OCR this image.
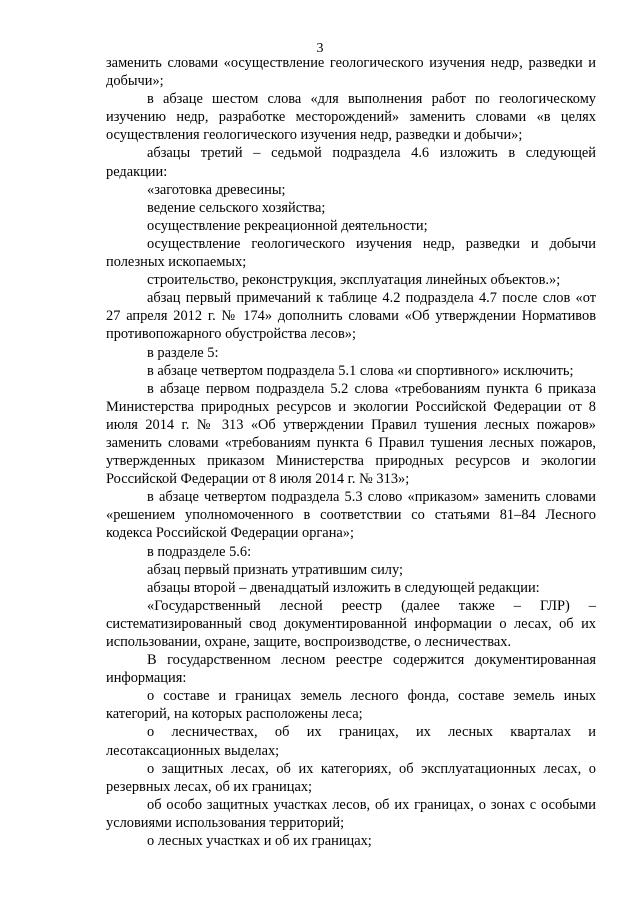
3

заменить словами «осуществление геологического изучения недр, разведки и добычи»;

в абзаце шестом слова «для выполнения работ по геологическому изучению недр, разработке месторождений» заменить словами «в целях осуществления геологического изучения недр, разведки и добычи»;

абзацы третий – седьмой подраздела 4.6 изложить в следующей редакции:

«заготовка древесины;

ведение сельского хозяйства;

осуществление рекреационной деятельности;

осуществление геологического изучения недр, разведки и добычи полезных ископаемых;

строительство, реконструкция, эксплуатация линейных объектов.»;

абзац первый примечаний к таблице 4.2 подраздела 4.7 после слов «от 27 апреля 2012 г. № 174» дополнить словами «Об утверждении Нормативов противопожарного обустройства лесов»;

в разделе 5:

в абзаце четвертом подраздела 5.1 слова «и спортивного» исключить;

в абзаце первом подраздела 5.2 слова «требованиям пункта 6 приказа Министерства природных ресурсов и экологии Российской Федерации от 8 июля 2014 г. № 313 «Об утверждении Правил тушения лесных пожаров» заменить словами «требованиям пункта 6 Правил тушения лесных пожаров, утвержденных приказом Министерства природных ресурсов и экологии Российской Федерации от 8 июля 2014 г. № 313»;

в абзаце четвертом подраздела 5.3 слово «приказом» заменить словами «решением уполномоченного в соответствии со статьями 81–84 Лесного кодекса Российской Федерации органа»;

в подразделе 5.6:

абзац первый признать утратившим силу;

абзацы второй – двенадцатый изложить в следующей редакции:

«Государственный лесной реестр (далее также – ГЛР) – систематизированный свод документированной информации о лесах, об их использовании, охране, защите, воспроизводстве, о лесничествах.

В государственном лесном реестре содержится документированная информация:

о составе и границах земель лесного фонда, составе земель иных категорий, на которых расположены леса;

о лесничествах, об их границах, их лесных кварталах и лесотаксационных выделах;

о защитных лесах, об их категориях, об эксплуатационных лесах, о резервных лесах, об их границах;

об особо защитных участках лесов, об их границах, о зонах с особыми условиями использования территорий;

о лесных участках и об их границах;
